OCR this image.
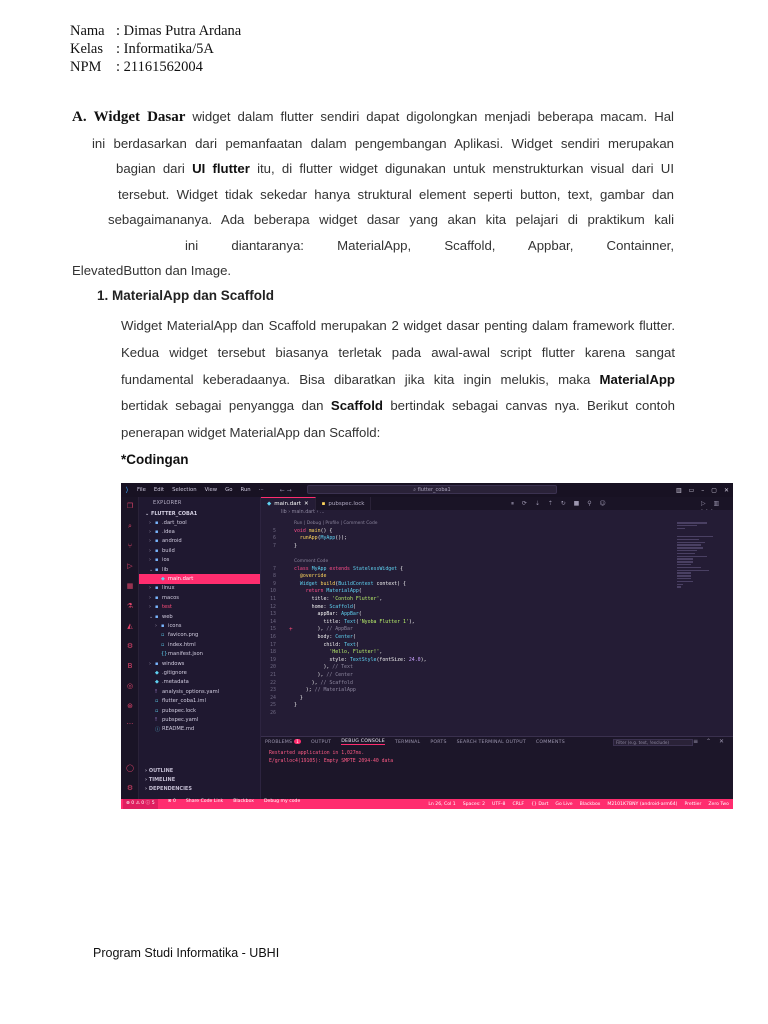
Nama : Dimas Putra Ardana
Kelas : Informatika/5A
NPM	: 21161562004
A. Widget Dasar widget dalam flutter sendiri dapat digolongkan menjadi beberapa macam. Hal
ini berdasarkan dari pemanfaatan dalam pengembangan Aplikasi. Widget sendiri merupakan
bagian dari UI flutter itu, di flutter widget digunakan untuk menstrukturkan visual dari UI
tersebut. Widget tidak sekedar hanya struktural element seperti button, text, gambar dan
sebagaimananya. Ada beberapa widget dasar yang akan kita pelajari di praktikum kali
ini diantaranya: MaterialApp, Scaffold, Appbar, Containner,
ElevatedButton dan Image.
1. MaterialApp dan Scaffold
Widget MaterialApp dan Scaffold merupakan 2 widget dasar penting dalam framework flutter. Kedua widget tersebut biasanya terletak pada awal-awal script flutter karena sangat fundamental keberadaanya. Bisa dibaratkan jika kita ingin melukis, maka MaterialApp bertidak sebagai penyangga dan Scaffold bertindak sebagai canvas nya. Berikut contoh penerapan widget MaterialApp dan Scaffold:
*Codingan
⟩	File	Edit	Selection	View	Go	Run	···	← →	⌕ flutter_coba1	▥ ▭ – ▢ ✕
❐
⌕
⑂
▷
▦
⚗
◭
⚙
B
◎
⊛
···
◯
⚙
EXPLORER
⌄ FLUTTER_COBA1
› ▪ .dart_tool
› ▪ .idea
› ▪ android
› ▪ build
› ▪ ios
⌄ ▪ lib
◆ main.dart
› ▪ linux
› ▪ macos
› ▪ test
⌄ ▪ web
› ▪ icons
▫ favicon.png
▫ index.html
{} manifest.json
› ▪ windows
◆ .gitignore
◆ .metadata
! analysis_options.yaml
▫ flutter_coba1.iml
▫ pubspec.lock
! pubspec.yaml
ⓘ README.md
› OUTLINE
› TIMELINE
› DEPENDENCIES
◆ main.dart ✕ ▪ pubspec.lock	⏸ ⟳ ⇣ ⇡ ↻ ■ ⚲ ☺	▷ ▥
lib › main.dart › ...
Run | Debug | Profile | Comment Code
5	void main() {
6	runApp(MyApp());
7	}
Comment Code
7	class MyApp extends StatelessWidget {
8	@override
9	Widget build(BuildContext context) {
10	return MaterialApp(
11	title: 'Contoh Flutter',
12	home: Scaffold(
13	appBar: AppBar(
14	title: Text('Nyoba Flutter 1'),
15	), // AppBar
+
16	body: Center(
17	child: Text(
18	'Hello, Flutter!',
19	style: TextStyle(fontSize: 24.0),
20	), // Text
21	), // Center
22	), // Scaffold
23	); // MaterialApp
24	}
25	}
26
PROBLEMS 1	OUTPUT DEBUG CONSOLE TERMINAL PORTS SEARCH TERMINAL OUTPUT COMMENTS	Filter (e.g. text, !exclude)	≡ ⌃ ✕
Restarted application in 1,027ms.
E/gralloc4(19105): Empty SMPTE 2094-40 data
⊗ 0 ⚠ 0 ⓘ 5	⊗ 0 Share Code Link Blackbox Debug my code	Ln 26, Col 1 Spaces: 2 UTF-8 CRLF {} Dart Go Live Blackbox M2101K7BNY (android-arm64) Prettier Zero Two
Program Studi Informatika - UBHI
